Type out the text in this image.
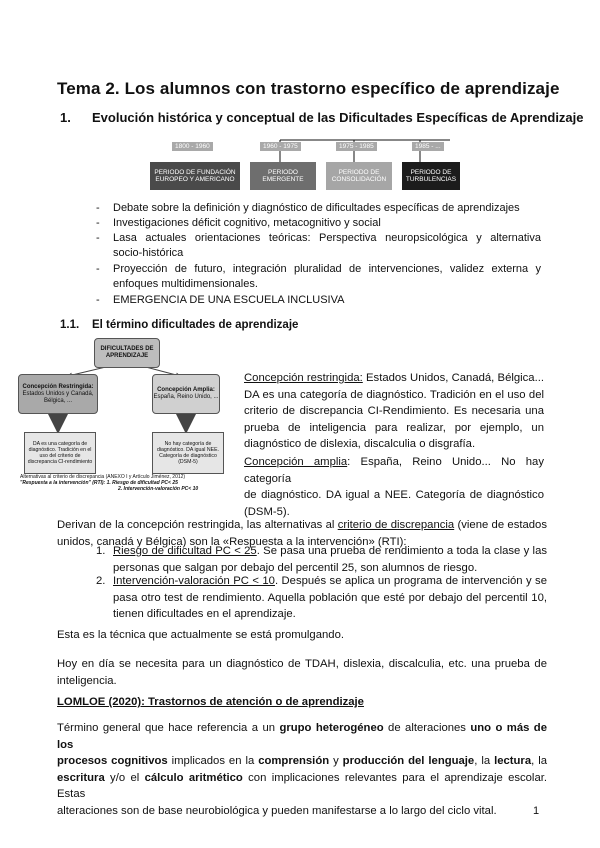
Tema 2. Los alumnos con trastorno específico de aprendizaje
1. Evolución histórica y conceptual de las Dificultades Específicas de Aprendizaje
1800 - 1960	1960 - 1975	1975 - 1985	1985 - ...
PERIODO DE FUNDACIÓN EUROPEO Y AMERICANO
PERIODO EMERGENTE
PERIODO DE CONSOLIDACIÓN
PERIODO DE TURBULENCIAS
- Debate sobre la definición y diagnóstico de dificultades específicas de aprendizajes
- Investigaciones déficit cognitivo, metacognitivo y social
- Lasa actuales orientaciones teóricas: Perspectiva neuropsicológica y alternativa
socio-histórica
- Proyección de futuro, integración pluralidad de intervenciones, validez externa y
enfoques multidimensionales.
- EMERGENCIA DE UNA ESCUELA INCLUSIVA
1.1. El término dificultades de aprendizaje
DIFICULTADES DE APRENDIZAJE
Concepción Restringida:
Estados Unidos y Canadá, Bélgica, ...
Concepción Amplia:
España, Reino Unido, ...
DA es una categoría de diagnóstico. Tradición en el uso del criterio de discrepancia CI-rendimiento
No hay categoría de diagnóstico. DA igual NEE. Categoría de diagnóstico (DSM-5)
Alternativas al criterio de discrepancia (ANEXO I y Artículo Jiménez, 2012)
"Respuesta a la intervención" (RTI): 1. Riesgo de dificultad PC< 25
2. Intervención-valoración PC< 10
Concepción restringida: Estados Unidos, Canadá, Bélgica...
DA es una categoría de diagnóstico. Tradición en el uso del
criterio de discrepancia CI-Rendimiento. Es necesaria una
prueba de inteligencia para realizar, por ejemplo, un
diagnóstico de dislexia, discalculia o disgrafía.
Concepción amplia: España, Reino Unido... No hay categoría
de diagnóstico. DA igual a NEE. Categoría de diagnóstico
(DSM-5).
Derivan de la concepción restringida, las alternativas al criterio de discrepancia (viene de estados
unidos, canadá y Bélgica) son la «Respuesta a la intervención» (RTI):
1. Riesgo de dificultad PC < 25. Se pasa una prueba de rendimiento a toda la clase y las
personas que salgan por debajo del percentil 25, son alumnos de riesgo.
2. Intervención-valoración PC < 10. Después se aplica un programa de intervención y se
pasa otro test de rendimiento. Aquella población que esté por debajo del percentil 10,
tienen dificultades en el aprendizaje.
Esta es la técnica que actualmente se está promulgando.
Hoy en día se necesita para un diagnóstico de TDAH, dislexia, discalculia, etc. una prueba de
inteligencia.
LOMLOE (2020): Trastornos de atención o de aprendizaje
Término general que hace referencia a un grupo heterogéneo de alteraciones uno o más de los
procesos cognitivos implicados en la comprensión y producción del lenguaje, la lectura, la
escritura y/o el cálculo aritmético con implicaciones relevantes para el aprendizaje escolar. Estas
alteraciones son de base neurobiológica y pueden manifestarse a lo largo del ciclo vital.	1
